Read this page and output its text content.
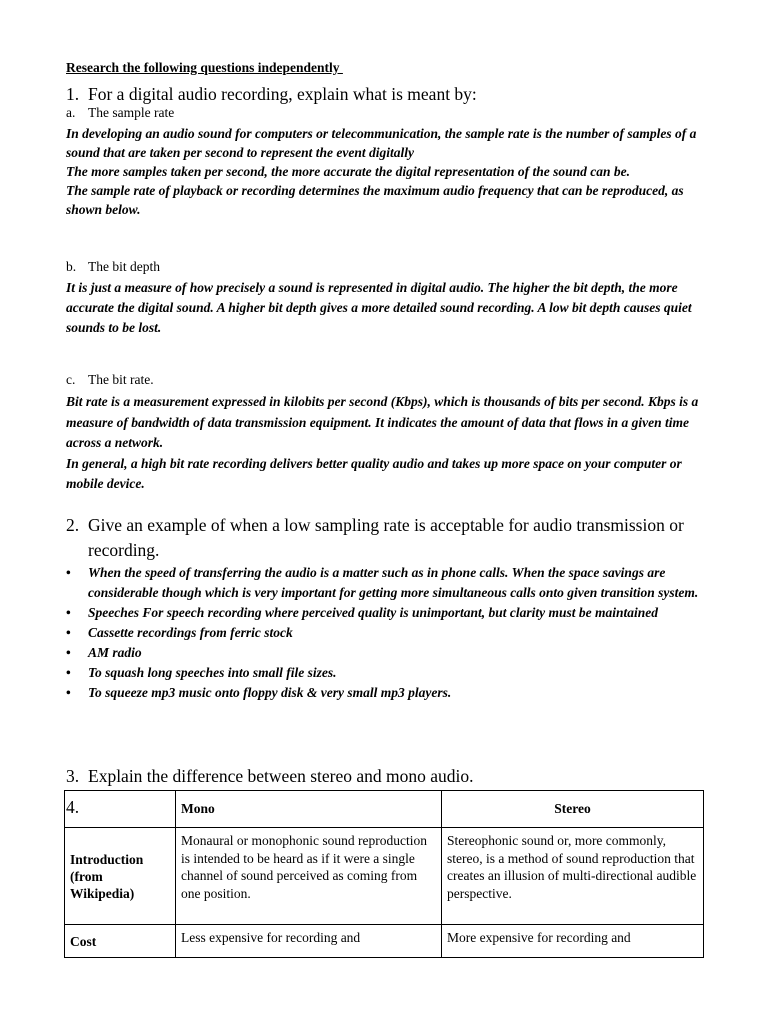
Research the following questions independently
1. For a digital audio recording, explain what is meant by:
a. The sample rate

In developing an audio sound for computers or telecommunication, the sample rate is the number of samples of a sound that are taken per second to represent the event digitally

The more samples taken per second, the more accurate the digital representation of the sound can be.

The sample rate of playback or recording determines the maximum audio frequency that can be reproduced, as shown below.

b. The bit depth

It is just a measure of how precisely a sound is represented in digital audio. The higher the bit depth, the more accurate the digital sound. A higher bit depth gives a more detailed sound recording. A low bit depth causes quiet sounds to be lost.

c. The bit rate.

Bit rate is a measurement expressed in kilobits per second (Kbps), which is thousands of bits per second. Kbps is a measure of bandwidth of data transmission equipment. It indicates the amount of data that flows in a given time across a network.

In general, a high bit rate recording delivers better quality audio and takes up more space on your computer or mobile device.

2. Give an example of when a low sampling rate is acceptable for audio transmission or recording.
• When the speed of transferring the audio is a matter such as in phone calls. When the space savings are considerable though which is very important for getting more simultaneous calls onto given transition system.
• Speeches For speech recording where perceived quality is unimportant, but clarity must be maintained
• Cassette recordings from ferric stock
• AM radio
• To squash long speeches into small file sizes.
• To squeeze mp3 music onto floppy disk & very small mp3 players.
3. Explain the difference between stereo and mono audio.
4.
		Mono	Stereo
Introduction (from Wikipedia)	Monaural or monophonic sound reproduction is intended to be heard as if it were a single channel of sound perceived as coming from one position.	Stereophonic sound or, more commonly, stereo, is a method of sound reproduction that creates an illusion of multi-directional audible perspective.
Cost	Less expensive for recording and	More expensive for recording and
